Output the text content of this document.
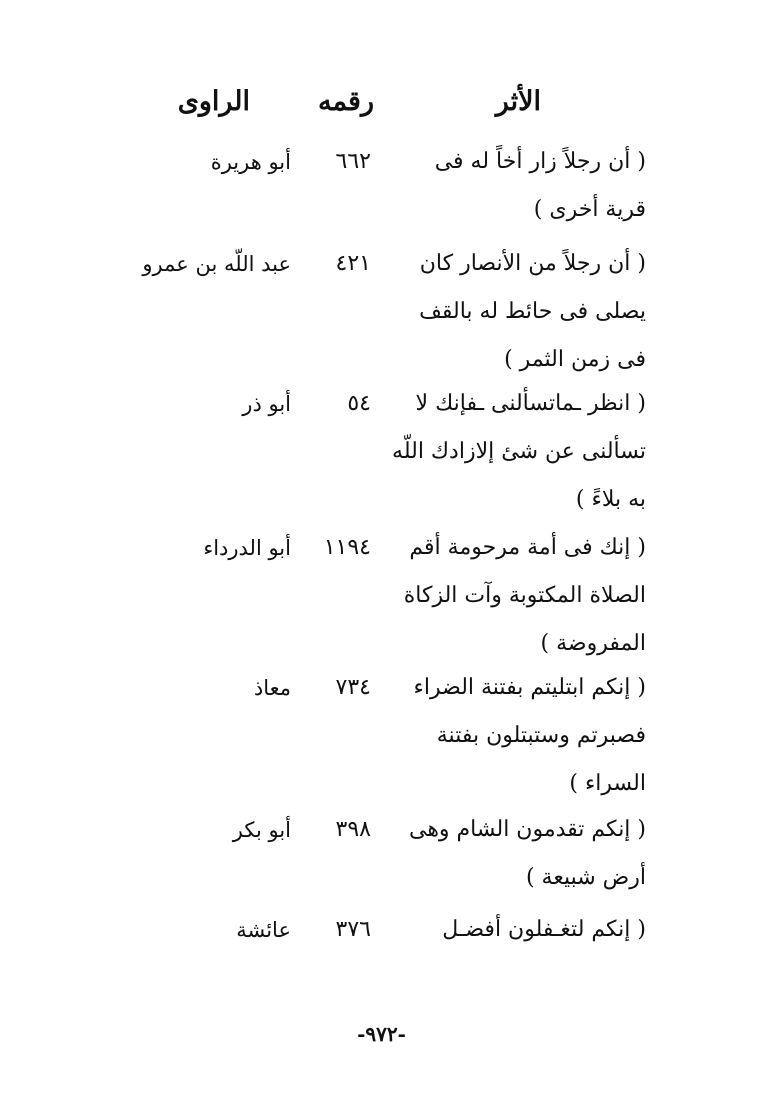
الأثر
رقمه
الراوى
( أن رجلاً زار أخاً له فى
قرية أخرى )
٦٦٢
أبو هريرة
( أن رجلاً من الأنصار كان
يصلى فى حائط له بالقف
فى زمن الثمر )
٤٢١
عبد اللّه بن عمرو
( انظر ـماتسألنى ـفإنك لا
تسألنى عن شئ إلازادك اللّه
به بلاءً )
٥٤
أبو ذر
( إنك فى أمة مرحومة أقم
الصلاة المكتوبة وآت الزكاة
المفروضة )
١١٩٤
أبو الدرداء
( إنكم ابتليتم بفتنة الضراء
فصبرتم وستبتلون بفتنة
السراء )
٧٣٤
معاذ
( إنكم تقدمون الشام وهى
أرض شبيعة )
٣٩٨
أبو بكر
( إنكم لتغـفلون أفضـل
٣٧٦
عائشة
-٩٧٢-
